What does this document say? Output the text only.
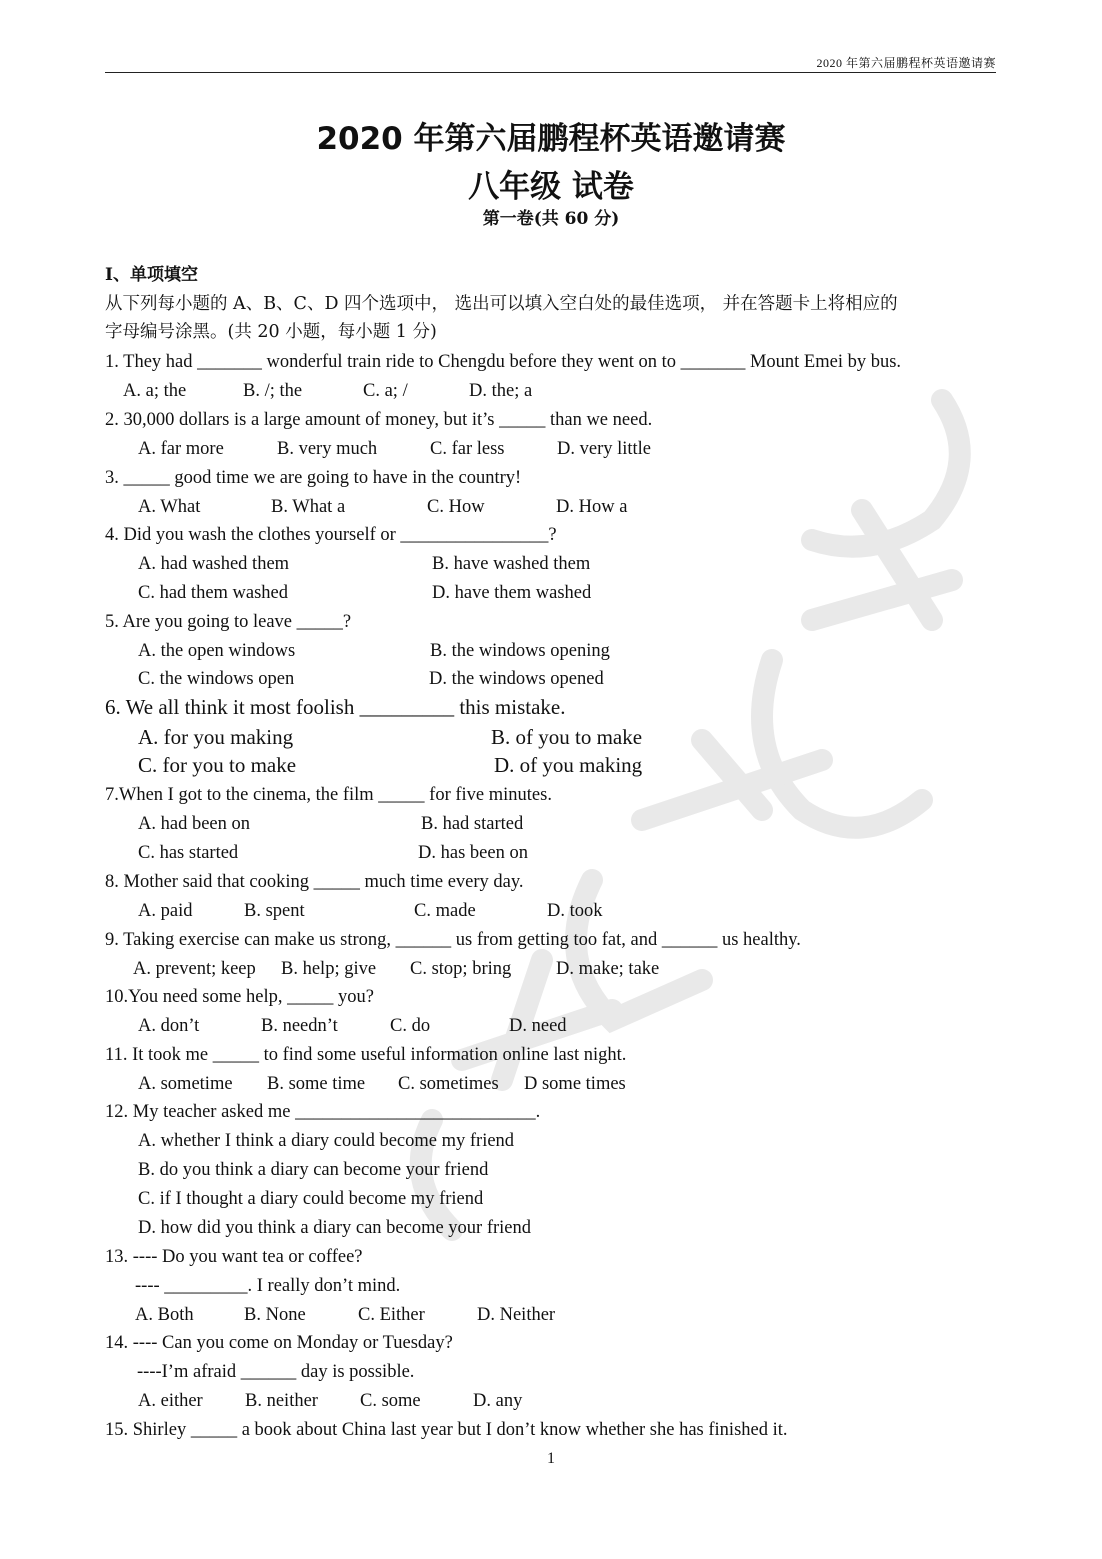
2020 年第六届鹏程杯英语邀请赛
2020 年第六届鹏程杯英语邀请赛
八年级 试卷
第一卷(共 60 分)
I、单项填空
从下列每小题的 A、B、C、D 四个选项中， 选出可以填入空白处的最佳选项， 并在答题卡上将相应的
字母编号涂黑。(共 20 小题，每小题 1 分)
1. They had _______ wonderful train ride to Chengdu before they went on to _______ Mount Emei by bus.
A. a; the	B. /; the	C. a; /	D. the; a
2. 30,000 dollars is a large amount of money, but it’s _____ than we need.
A. far more	B. very much	C. far less	D. very little
3. _____ good time we are going to have in the country!
A. What	B. What a	C. How	D. How a
4. Did you wash the clothes yourself or ________________?
A. had washed them	B. have washed them
C. had them washed	D. have them washed
5. Are you going to leave _____?
A. the open windows	B. the windows opening
C. the windows open	D. the windows opened
6. We all think it most foolish _________ this mistake.
A. for you making	B. of you to make
C. for you to make	D. of you making
7.When I got to the cinema, the film _____ for five minutes.
A. had been on	B. had started
C. has started	D. has been on
8. Mother said that cooking _____ much time every day.
A. paid	B. spent	C. made	D. took
9. Taking exercise can make us strong, ______ us from getting too fat, and ______ us healthy.
A. prevent; keep B. help; give C. stop; bring D. make; take
10.You need some help, _____ you?
A. don’t	B. needn’t	C. do	D. need
11. It took me _____ to find some useful information online last night.
A. sometime B. some time C. sometimes D some times
12. My teacher asked me __________________________.
A. whether I think a diary could become my friend
B. do you think a diary can become your friend
C. if I thought a diary could become my friend
D. how did you think a diary can become your friend
13. ---- Do you want tea or coffee?
---- _________. I really don’t mind.
A. Both	B. None	C. Either	D. Neither
14. ---- Can you come on Monday or Tuesday?
----I’m afraid ______ day is possible.
A. either B. neither C. some	D. any
15. Shirley _____ a book about China last year but I don’t know whether she has finished it.
1
